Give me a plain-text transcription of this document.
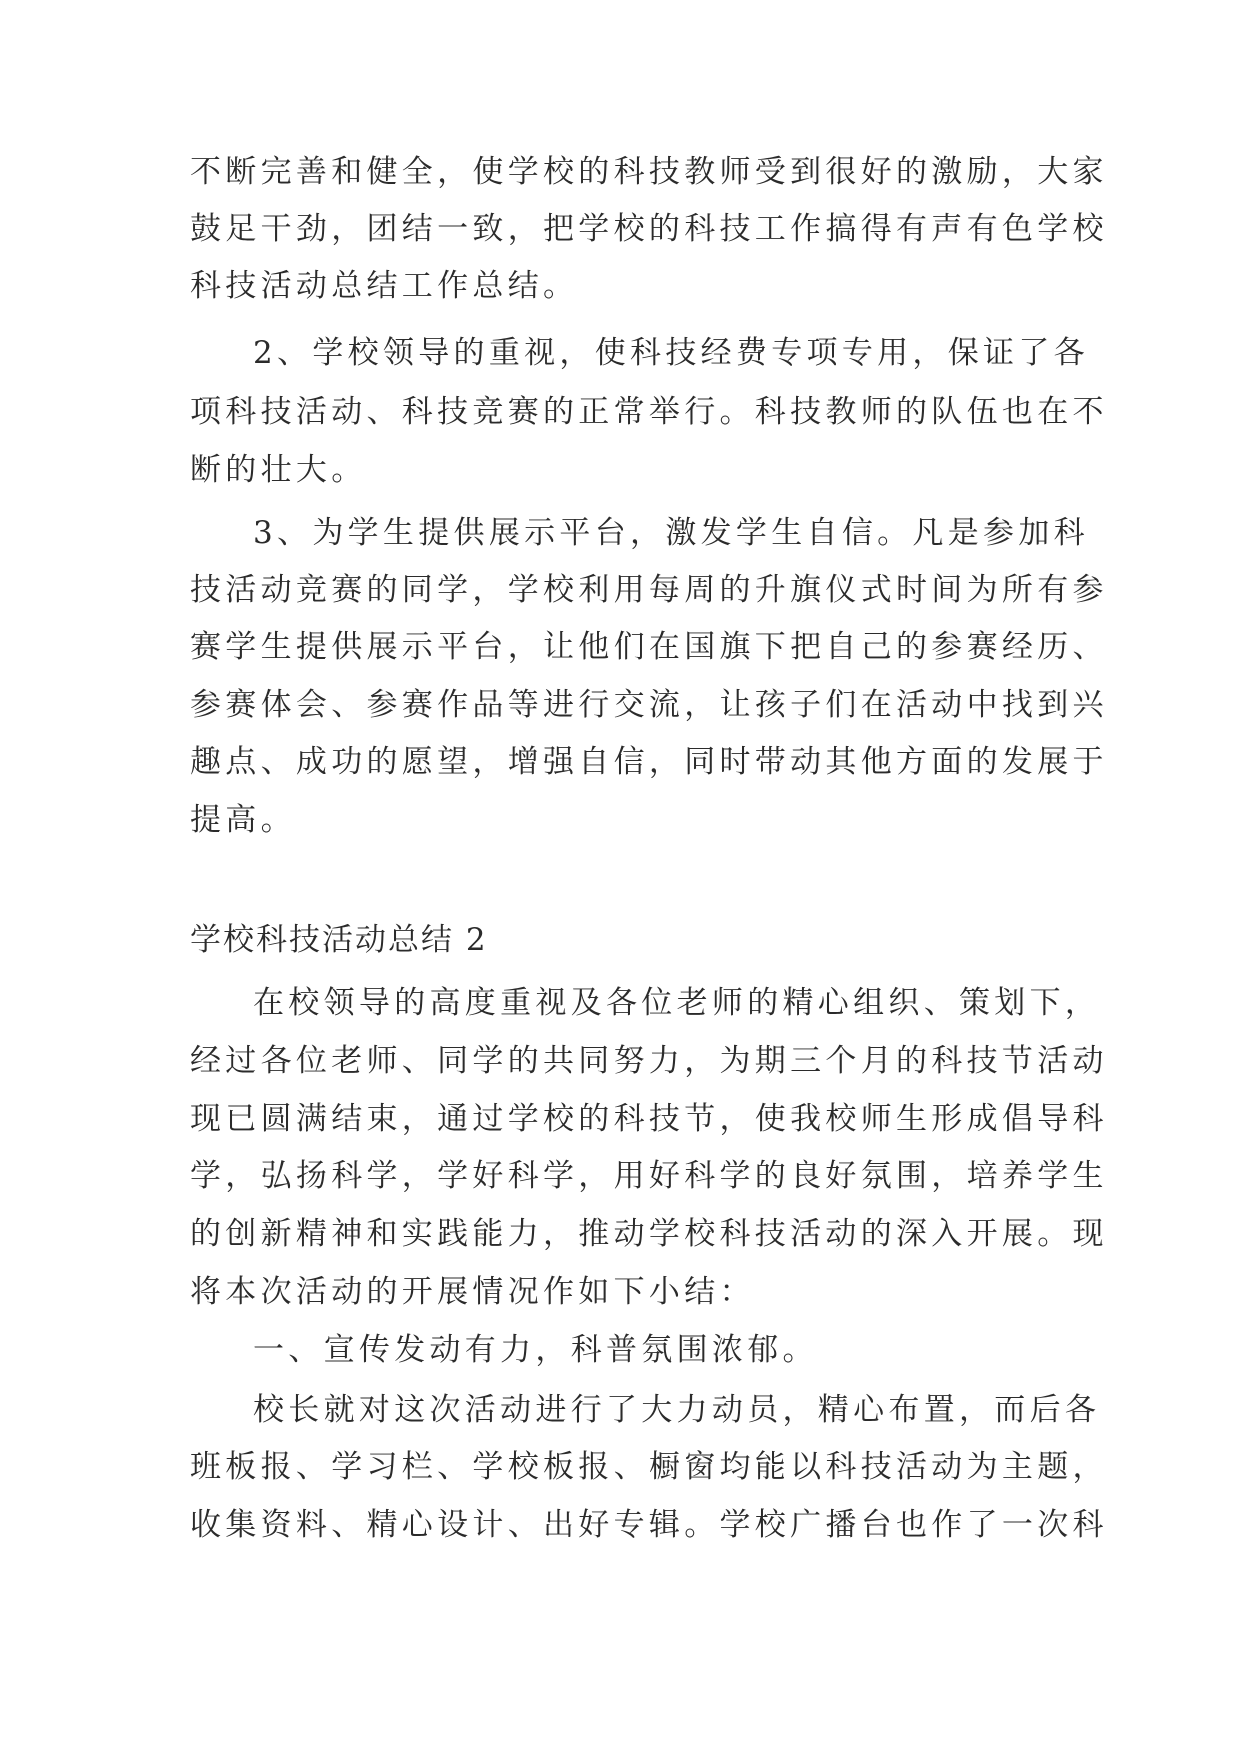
不断完善和健全，使学校的科技教师受到很好的激励，大家

鼓足干劲，团结一致，把学校的科技工作搞得有声有色学校

科技活动总结工作总结。

2、学校领导的重视，使科技经费专项专用，保证了各

项科技活动、科技竞赛的正常举行。科技教师的队伍也在不

断的壮大。

3、为学生提供展示平台，激发学生自信。凡是参加科

技活动竞赛的同学，学校利用每周的升旗仪式时间为所有参

赛学生提供展示平台，让他们在国旗下把自己的参赛经历、

参赛体会、参赛作品等进行交流，让孩子们在活动中找到兴

趣点、成功的愿望，增强自信，同时带动其他方面的发展于

提高。

学校科技活动总结 2

在校领导的高度重视及各位老师的精心组织、策划下，

经过各位老师、同学的共同努力，为期三个月的科技节活动

现已圆满结束，通过学校的科技节，使我校师生形成倡导科

学，弘扬科学，学好科学，用好科学的良好氛围，培养学生

的创新精神和实践能力，推动学校科技活动的深入开展。现

将本次活动的开展情况作如下小结：

一、宣传发动有力，科普氛围浓郁。

校长就对这次活动进行了大力动员，精心布置，而后各

班板报、学习栏、学校板报、橱窗均能以科技活动为主题，

收集资料、精心设计、出好专辑。学校广播台也作了一次科
